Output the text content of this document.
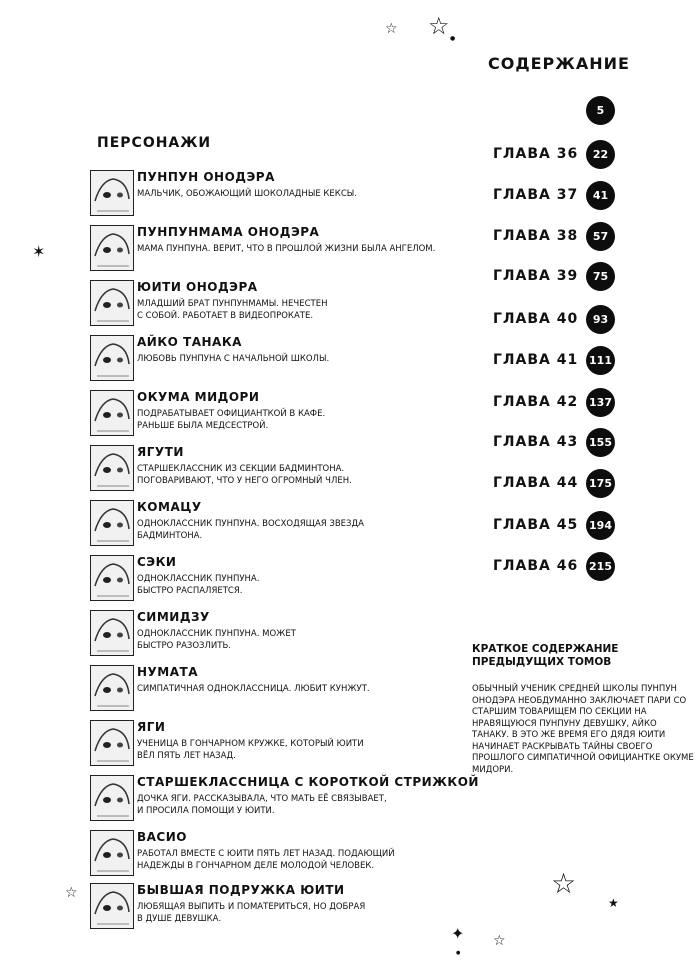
СОДЕРЖАНИЕ
5
ГЛАВА 36	22
ГЛАВА 37	41
ГЛАВА 38	57
ГЛАВА 39	75
ГЛАВА 40	93
ГЛАВА 41 111
ГЛАВА 42 137
ГЛАВА 43 155
ГЛАВА 44 175
ГЛАВА 45 194
ГЛАВА 46 215
ПЕРСОНАЖИ
ПУНПУН ОНОДЭРА
МАЛЬЧИК, ОБОЖАЮЩИЙ ШОКОЛАДНЫЕ КЕКСЫ.
ПУНПУНМАМА ОНОДЭРА
МАМА ПУНПУНА. ВЕРИТ, ЧТО В ПРОШЛОЙ ЖИЗНИ БЫЛА АНГЕЛОМ.
ЮИТИ ОНОДЭРА
МЛАДШИЙ БРАТ ПУНПУНМАМЫ. НЕЧЕСТЕН
С СОБОЙ. РАБОТАЕТ В ВИДЕОПРОКАТЕ.
АЙКО ТАНАКА
ЛЮБОВЬ ПУНПУНА С НАЧАЛЬНОЙ ШКОЛЫ.
ОКУМА МИДОРИ
ПОДРАБАТЫВАЕТ ОФИЦИАНТКОЙ В КАФЕ.
РАНЬШЕ БЫЛА МЕДСЕСТРОЙ.
ЯГУТИ
СТАРШЕКЛАССНИК ИЗ СЕКЦИИ БАДМИНТОНА.
ПОГОВАРИВАЮТ, ЧТО У НЕГО ОГРОМНЫЙ ЧЛЕН.
КОМАЦУ
ОДНОКЛАССНИК ПУНПУНА. ВОСХОДЯЩАЯ ЗВЕЗДА
БАДМИНТОНА.
СЭКИ
ОДНОКЛАССНИК ПУНПУНА.
БЫСТРО РАСПАЛЯЕТСЯ.
СИМИДЗУ
ОДНОКЛАССНИК ПУНПУНА. МОЖЕТ
БЫСТРО РАЗОЗЛИТЬ.
НУМАТА
СИМПАТИЧНАЯ ОДНОКЛАССНИЦА. ЛЮБИТ КУНЖУТ.
ЯГИ
УЧЕНИЦА В ГОНЧАРНОМ КРУЖКЕ, КОТОРЫЙ ЮИТИ
ВЁЛ ПЯТЬ ЛЕТ НАЗАД.
СТАРШЕКЛАССНИЦА С КОРОТКОЙ СТРИЖКОЙ
ДОЧКА ЯГИ. РАССКАЗЫВАЛА, ЧТО МАТЬ ЕЁ СВЯЗЫВАЕТ,
И ПРОСИЛА ПОМОЩИ У ЮИТИ.
ВАСИО
РАБОТАЛ ВМЕСТЕ С ЮИТИ ПЯТЬ ЛЕТ НАЗАД. ПОДАЮЩИЙ
НАДЕЖДЫ В ГОНЧАРНОМ ДЕЛЕ МОЛОДОЙ ЧЕЛОВЕК.
БЫВШАЯ ПОДРУЖКА ЮИТИ
ЛЮБЯЩАЯ ВЫПИТЬ И ПОМАТЕРИТЬСЯ, НО ДОБРАЯ
В ДУШЕ ДЕВУШКА.
КРАТКОЕ СОДЕРЖАНИЕ
ПРЕДЫДУЩИХ ТОМОВ
ОБЫЧНЫЙ УЧЕНИК СРЕДНЕЙ ШКОЛЫ ПУНПУН ОНОДЭРА НЕОБДУМАННО ЗАКЛЮЧАЕТ ПАРИ СО СТАРШИМ ТОВАРИЩЕМ ПО СЕКЦИИ НА НРАВЯЩУЮСЯ ПУНПУНУ ДЕВУШКУ, АЙКО ТАНАКУ. В ЭТО ЖЕ ВРЕМЯ ЕГО ДЯДЯ ЮИТИ НАЧИНАЕТ РАСКРЫВАТЬ ТАЙНЫ СВОЕГО ПРОШЛОГО СИМПАТИЧНОЙ ОФИЦИАНТКЕ ОКУМЕ МИДОРИ.
☆ ☆ ●
✶
☆	☆
★
✦ ☆
●
